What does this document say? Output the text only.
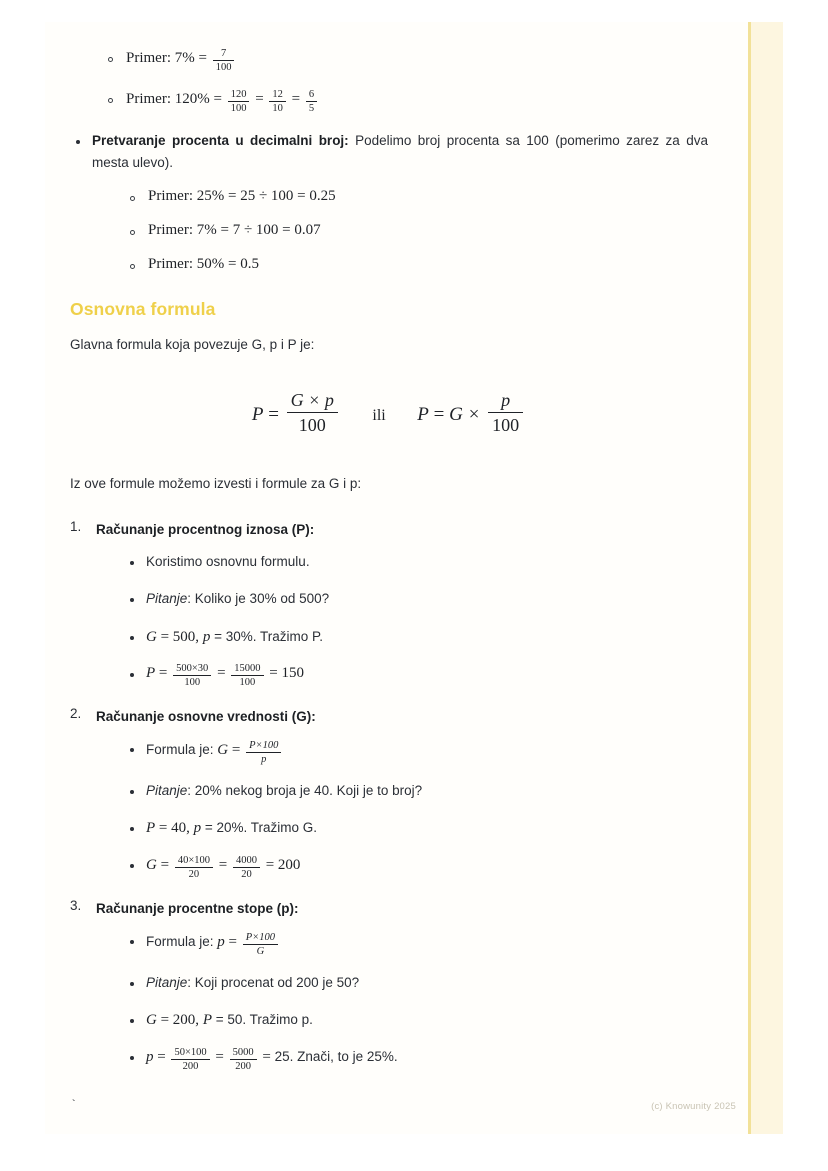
Primer: $7\% = \frac{7}{100}$
Primer: $120\% = \frac{120}{100} = \frac{12}{10} = \frac{6}{5}$

Pretvaranje procenta u decimalni broj: Podelimo broj procenta sa 100 (pomerimo zarez za dva mesta ulevo).

Primer: 25% = 25 ÷ 100 = 0.25
Primer: 7% = 7 ÷ 100 = 0.07
Primer: 50% = 0.5
Osnovna formula

Glavna formula koja povezuje G, p i P je:

$P = \frac{G \times p}{100}$ ili $P = G \times \frac{p}{100}$

Iz ove formule možemo izvesti i formule za G i p:

1 . Računanje procentnog iznosa (P):
Koristimo osnovnu formulu.
Pitanje: Koliko je 30% od 500?
G = 500, p = 30%. Tražimo P.
$P = \frac{500\times 30}{100} = \frac{15000}{100} = 150$
2 . Računanje osnovne vrednosti (G):
Formula je: $G = \frac{P\times 100}{p}$
Pitanje: 20% nekog broja je 40. Koji je to broj?
P = 40, p = 20%. Tražimo G.
$G = \frac{40\times 100}{20} = \frac{4000}{20} = 200$
3 . Računanje procentne stope (p):
Formula je: $p = \frac{P\times 100}{G}$
Pitanje: Koji procenat od 200 je 50?
G = 200, P = 50. Tražimo p.
$p = \frac{50\times 100}{200} = \frac{5000}{200} = 25$. Znači, to je 25%.
`	(c) Knowunity 2025
